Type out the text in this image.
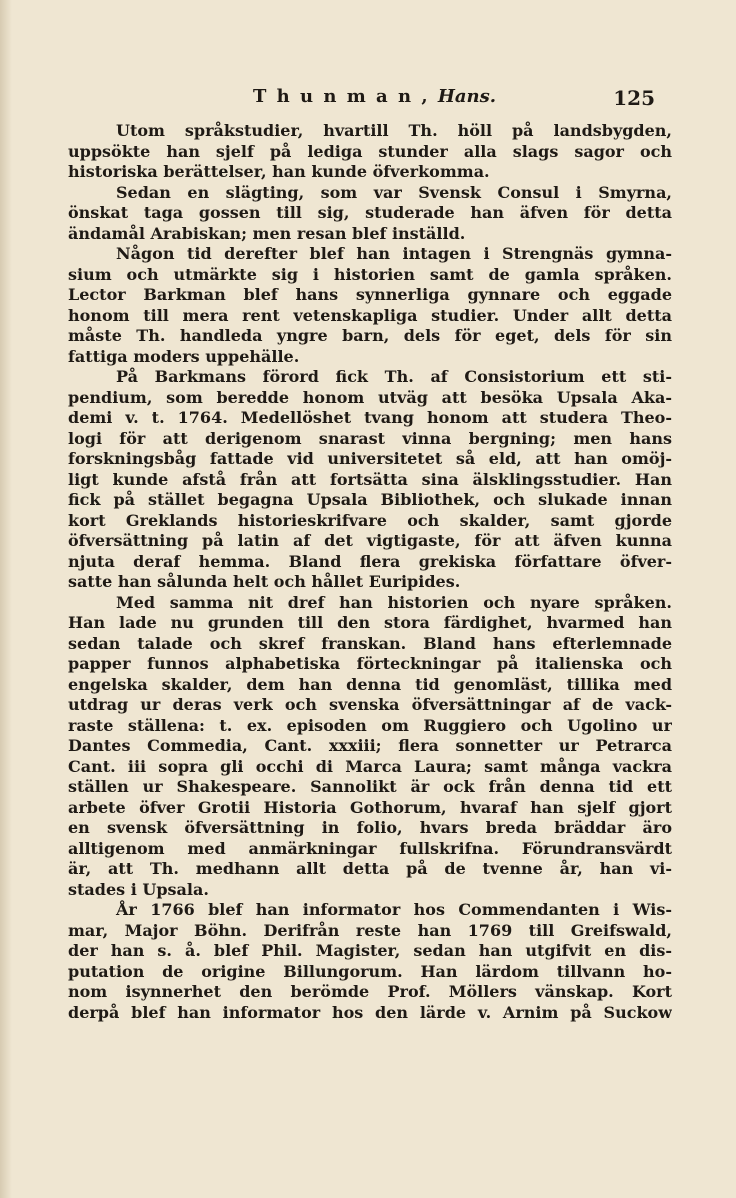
T h u n m a n , Hans.	125
Utom språkstudier, hvartill Th. höll på landsbygden,
uppsökte han sjelf på lediga stunder alla slags sagor och
historiska berättelser, han kunde öfverkomma.
Sedan en slägting, som var Svensk Consul i Smyrna,
önskat taga gossen till sig, studerade han äfven för detta
ändamål Arabiskan; men resan blef inställd.
Någon tid derefter blef han intagen i Strengnäs gymna-
sium och utmärkte sig i historien samt de gamla språken.
Lector Barkman blef hans synnerliga gynnare och eggade
honom till mera rent vetenskapliga studier. Under allt detta
måste Th. handleda yngre barn, dels för eget, dels för sin
fattiga moders uppehälle.
På Barkmans förord fick Th. af Consistorium ett sti-
pendium, som beredde honom utväg att besöka Upsala Aka-
demi v. t. 1764. Medellöshet tvang honom att studera Theo-
logi för att derigenom snarast vinna bergning; men hans
forskningsbåg fattade vid universitetet så eld, att han omöj-
ligt kunde afstå från att fortsätta sina älsklingsstudier. Han
fick på stället begagna Upsala Bibliothek, och slukade innan
kort Greklands historieskrifvare och skalder, samt gjorde
öfversättning på latin af det vigtigaste, för att äfven kunna
njuta deraf hemma. Bland flera grekiska författare öfver-
satte han sålunda helt och hållet Euripides.
Med samma nit dref han historien och nyare språken.
Han lade nu grunden till den stora färdighet, hvarmed han
sedan talade och skref franskan. Bland hans efterlemnade
papper funnos alphabetiska förteckningar på italienska och
engelska skalder, dem han denna tid genomläst, tillika med
utdrag ur deras verk och svenska öfversättningar af de vack-
raste ställena: t. ex. episoden om Ruggiero och Ugolino ur
Dantes Commedia, Cant. xxxiii; flera sonnetter ur Petrarca
Cant. iii sopra gli occhi di Marca Laura; samt många vackra
ställen ur Shakespeare. Sannolikt är ock från denna tid ett
arbete öfver Grotii Historia Gothorum, hvaraf han sjelf gjort
en svensk öfversättning in folio, hvars breda bräddar äro
alltigenom med anmärkningar fullskrifna. Förundransvärdt
är, att Th. medhann allt detta på de tvenne år, han vi-
stades i Upsala.
År 1766 blef han informator hos Commendanten i Wis-
mar, Major Böhn. Derifrån reste han 1769 till Greifswald,
der han s. å. blef Phil. Magister, sedan han utgifvit en dis-
putation de origine Billungorum. Han lärdom tillvann ho-
nom isynnerhet den berömde Prof. Möllers vänskap. Kort
derpå blef han informator hos den lärde v. Arnim på Suckow
